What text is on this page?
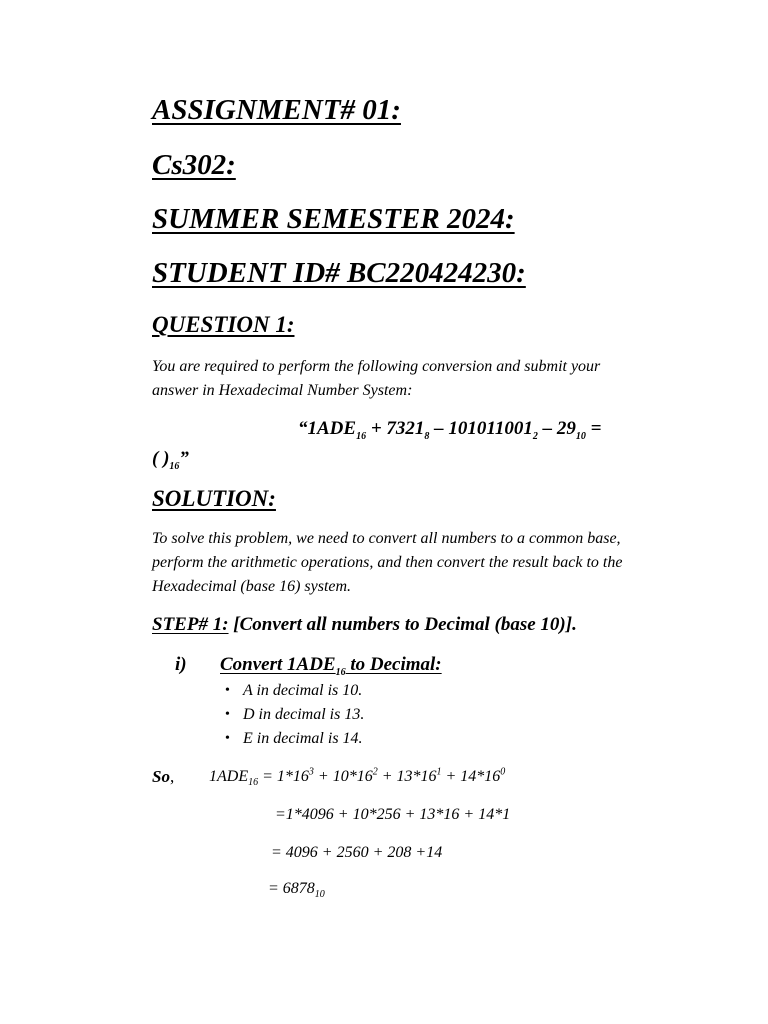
ASSIGNMENT# 01:
Cs302:
SUMMER SEMESTER 2024:
STUDENT ID# BC220424230:
QUESTION 1:
You are required to perform the following conversion and submit your answer in Hexadecimal Number System:
“$1ADE_{16} + 7321_8 - 101011001_2 - 29_{10}$ =
( )$_{16}$”
SOLUTION:
To solve this problem, we need to convert all numbers to a common base, perform the arithmetic operations, and then convert the result back to the Hexadecimal (base 16) system.
STEP# 1: [Convert all numbers to Decimal (base 10)].
i) Convert $1ADE_{16}$ to Decimal:
• A in decimal is 10.
• D in decimal is 13.
• E in decimal is 14.
So, $1ADE_{16} = 1*16^3 + 10*16^2 + 13*16^1 + 14*16^0$
=1*4096 + 10*256 + 13*16 + 14*1
= 4096 + 2560 + 208 +14
= $6878_{10}$
